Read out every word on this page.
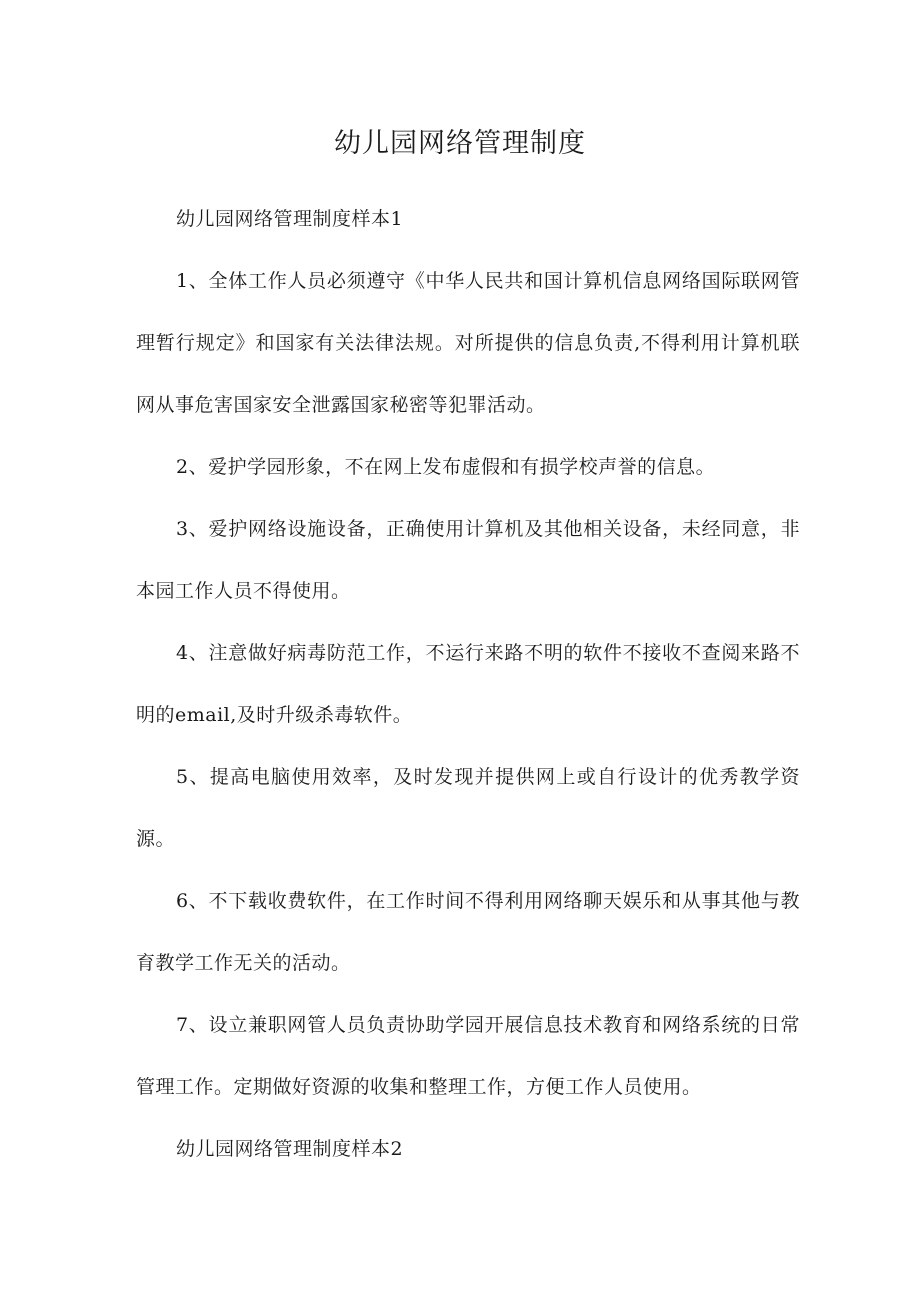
幼儿园网络管理制度

幼儿园网络管理制度样本1

1、全体工作人员必须遵守《中华人民共和国计算机信息网络国际联网管理暂行规定》和国家有关法律法规。对所提供的信息负责,不得利用计算机联网从事危害国家安全泄露国家秘密等犯罪活动。

2、爱护学园形象，不在网上发布虚假和有损学校声誉的信息。

3、爱护网络设施设备，正确使用计算机及其他相关设备，未经同意，非本园工作人员不得使用。

4、注意做好病毒防范工作，不运行来路不明的软件不接收不查阅来路不明的email,及时升级杀毒软件。

5、提高电脑使用效率，及时发现并提供网上或自行设计的优秀教学资源。

6、不下载收费软件，在工作时间不得利用网络聊天娱乐和从事其他与教育教学工作无关的活动。

7、设立兼职网管人员负责协助学园开展信息技术教育和网络系统的日常管理工作。定期做好资源的收集和整理工作，方便工作人员使用。

幼儿园网络管理制度样本2
